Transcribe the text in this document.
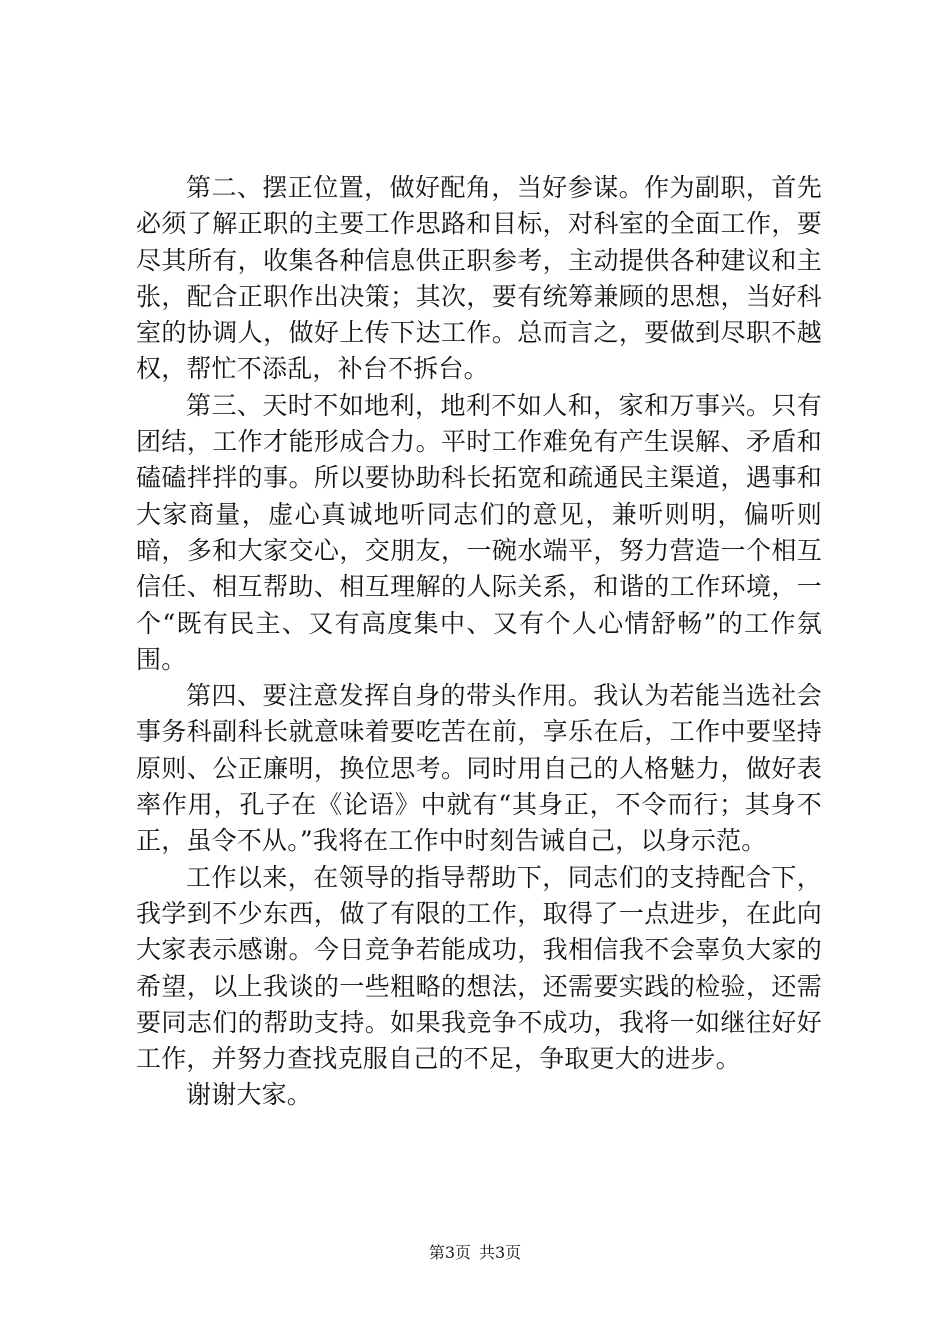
第二、摆正位置，做好配角，当好参谋。作为副职，首先必须了解正职的主要工作思路和目标，对科室的全面工作，要尽其所有，收集各种信息供正职参考，主动提供各种建议和主张，配合正职作出决策；其次，要有统筹兼顾的思想，当好科室的协调人，做好上传下达工作。总而言之，要做到尽职不越权，帮忙不添乱，补台不拆台。

第三、天时不如地利，地利不如人和，家和万事兴。只有团结，工作才能形成合力。平时工作难免有产生误解、矛盾和磕磕拌拌的事。所以要协助科长拓宽和疏通民主渠道，遇事和大家商量，虚心真诚地听同志们的意见，兼听则明，偏听则暗，多和大家交心，交朋友，一碗水端平，努力营造一个相互信任、相互帮助、相互理解的人际关系，和谐的工作环境，一个“既有民主、又有高度集中、又有个人心情舒畅”的工作氛围。

第四、要注意发挥自身的带头作用。我认为若能当选社会事务科副科长就意味着要吃苦在前，享乐在后，工作中要坚持原则、公正廉明，换位思考。同时用自己的人格魅力，做好表率作用，孔子在《论语》中就有“其身正，不令而行；其身不正，虽令不从。”我将在工作中时刻告诫自己，以身示范。

工作以来，在领导的指导帮助下，同志们的支持配合下，我学到不少东西，做了有限的工作，取得了一点进步，在此向大家表示感谢。今日竞争若能成功，我相信我不会辜负大家的希望，以上我谈的一些粗略的想法，还需要实践的检验，还需要同志们的帮助支持。如果我竞争不成功，我将一如继往好好工作，并努力查找克服自己的不足，争取更大的进步。

谢谢大家。

第3页 共3页
